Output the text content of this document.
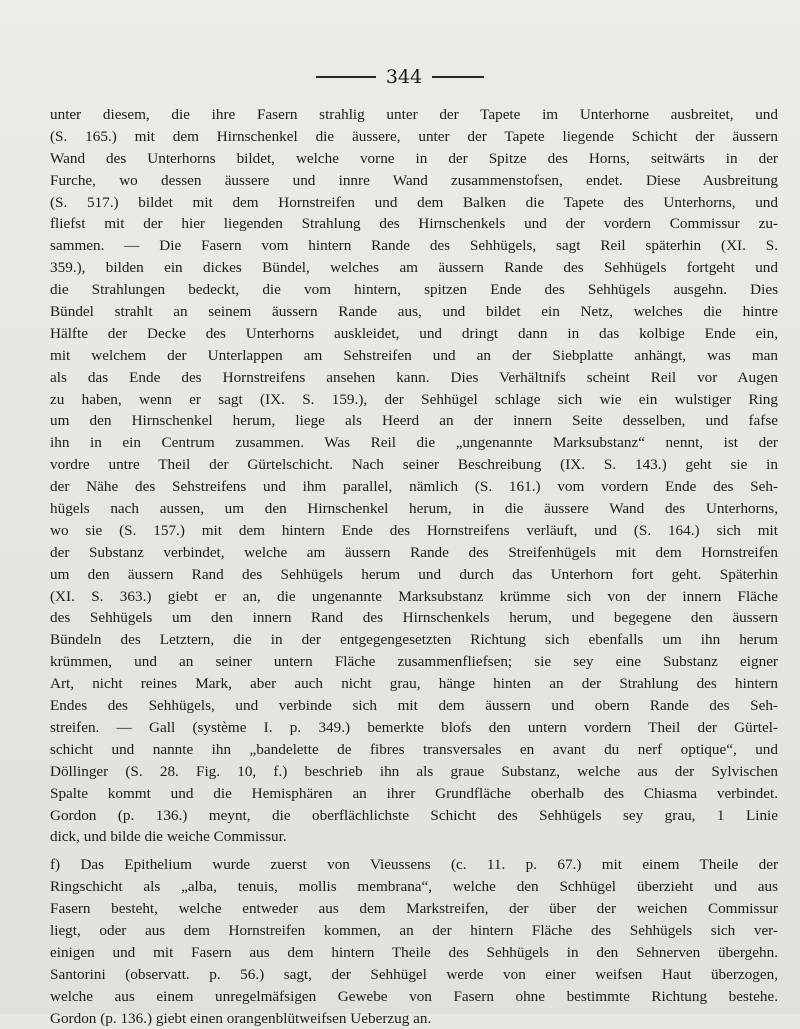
344
unter diesem, die ihre Fasern strahlig unter der Tapete im Unterhorne ausbreitet, und
(S. 165.) mit dem Hirnschenkel die äussere, unter der Tapete liegende Schicht der äussern
Wand des Unterhorns bildet, welche vorne in der Spitze des Horns, seitwärts in der
Furche, wo dessen äussere und innre Wand zusammenstofsen, endet. Diese Ausbreitung
(S. 517.) bildet mit dem Hornstreifen und dem Balken die Tapete des Unterhorns, und
fliefst mit der hier liegenden Strahlung des Hirnschenkels und der vordern Commissur zu-
sammen. — Die Fasern vom hintern Rande des Sehhügels, sagt Reil späterhin (XI. S.
359.), bilden ein dickes Bündel, welches am äussern Rande des Sehhügels fortgeht und
die Strahlungen bedeckt, die vom hintern, spitzen Ende des Sehhügels ausgehn. Dies
Bündel strahlt an seinem äussern Rande aus, und bildet ein Netz, welches die hintre
Hälfte der Decke des Unterhorns auskleidet, und dringt dann in das kolbige Ende ein,
mit welchem der Unterlappen am Sehstreifen und an der Siebplatte anhängt, was man
als das Ende des Hornstreifens ansehen kann. Dies Verhältnifs scheint Reil vor Augen
zu haben, wenn er sagt (IX. S. 159.), der Sehhügel schlage sich wie ein wulstiger Ring
um den Hirnschenkel herum, liege als Heerd an der innern Seite desselben, und fafse
ihn in ein Centrum zusammen. Was Reil die „ungenannte Marksubstanz“ nennt, ist der
vordre untre Theil der Gürtelschicht. Nach seiner Beschreibung (IX. S. 143.) geht sie in
der Nähe des Sehstreifens und ihm parallel, nämlich (S. 161.) vom vordern Ende des Seh-
hügels nach aussen, um den Hirnschenkel herum, in die äussere Wand des Unterhorns,
wo sie (S. 157.) mit dem hintern Ende des Hornstreifens verläuft, und (S. 164.) sich mit
der Substanz verbindet, welche am äussern Rande des Streifenhügels mit dem Hornstreifen
um den äussern Rand des Sehhügels herum und durch das Unterhorn fort geht. Späterhin
(XI. S. 363.) giebt er an, die ungenannte Marksubstanz krümme sich von der innern Fläche
des Sehhügels um den innern Rand des Hirnschenkels herum, und begegene den äussern
Bündeln des Letztern, die in der entgegengesetzten Richtung sich ebenfalls um ihn herum
krümmen, und an seiner untern Fläche zusammenfliefsen; sie sey eine Substanz eigner
Art, nicht reines Mark, aber auch nicht grau, hänge hinten an der Strahlung des hintern
Endes des Sehhügels, und verbinde sich mit dem äussern und obern Rande des Seh-
streifen. — Gall (système I. p. 349.) bemerkte blofs den untern vordern Theil der Gürtel-
schicht und nannte ihn „bandelette de fibres transversales en avant du nerf optique“, und
Döllinger (S. 28. Fig. 10, f.) beschrieb ihn als graue Substanz, welche aus der Sylvischen
Spalte kommt und die Hemisphären an ihrer Grundfläche oberhalb des Chiasma verbindet.
Gordon (p. 136.) meynt, die oberflächlichste Schicht des Sehhügels sey grau, 1 Linie
dick, und bilde die weiche Commissur.
f) Das Epithelium wurde zuerst von Vieussens (c. 11. p. 67.) mit einem Theile der
Ringschicht als „alba, tenuis, mollis membrana“, welche den Schhügel überzieht und aus
Fasern besteht, welche entweder aus dem Markstreifen, der über der weichen Commissur
liegt, oder aus dem Hornstreifen kommen, an der hintern Fläche des Sehhügels sich ver-
einigen und mit Fasern aus dem hintern Theile des Sehhügels in den Sehnerven übergehn.
Santorini (observatt. p. 56.) sagt, der Sehhügel werde von einer weifsen Haut überzogen,
welche aus einem unregelmäfsigen Gewebe von Fasern ohne bestimmte Richtung bestehe.
Gordon (p. 136.) giebt einen orangenblütweifsen Ueberzug an.
